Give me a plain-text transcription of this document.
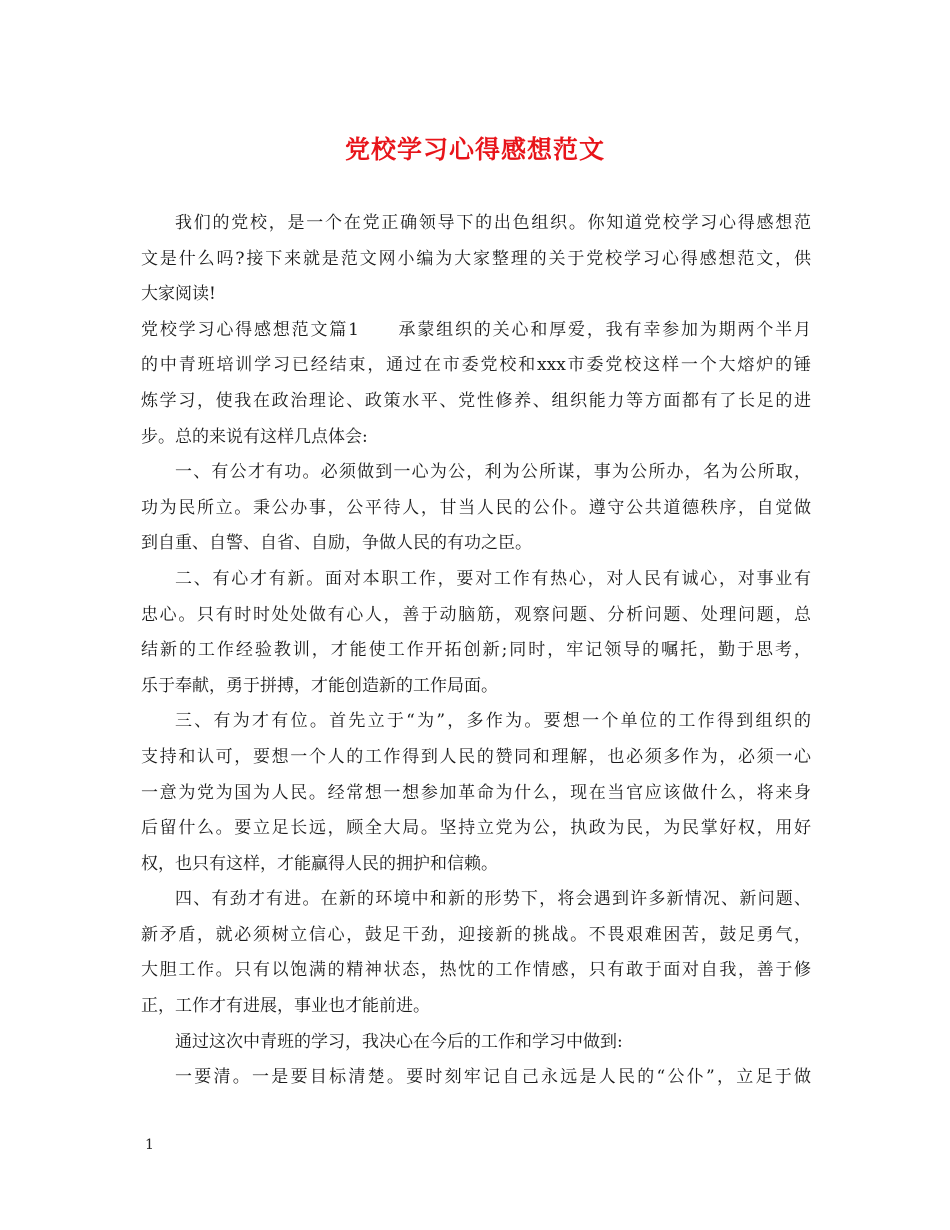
党校学习心得感想范文
我们的党校，是一个在党正确领导下的出色组织。你知道党校学习心得感想范
文是什么吗?接下来就是范文网小编为大家整理的关于党校学习心得感想范文，供
大家阅读!
党校学习心得感想范文篇1　　承蒙组织的关心和厚爱，我有幸参加为期两个半月
的中青班培训学习已经结束，通过在市委党校和xxx市委党校这样一个大熔炉的锤
炼学习，使我在政治理论、政策水平、党性修养、组织能力等方面都有了长足的进
步。总的来说有这样几点体会:
一、有公才有功。必须做到一心为公，利为公所谋，事为公所办，名为公所取，
功为民所立。秉公办事，公平待人，甘当人民的公仆。遵守公共道德秩序，自觉做
到自重、自警、自省、自励，争做人民的有功之臣。
二、有心才有新。面对本职工作，要对工作有热心，对人民有诚心，对事业有
忠心。只有时时处处做有心人，善于动脑筋，观察问题、分析问题、处理问题，总
结新的工作经验教训，才能使工作开拓创新;同时，牢记领导的嘱托，勤于思考，
乐于奉献，勇于拼搏，才能创造新的工作局面。
三、有为才有位。首先立于“为”，多作为。要想一个单位的工作得到组织的
支持和认可，要想一个人的工作得到人民的赞同和理解，也必须多作为，必须一心
一意为党为国为人民。经常想一想参加革命为什么，现在当官应该做什么，将来身
后留什么。要立足长远，顾全大局。坚持立党为公，执政为民，为民掌好权，用好
权，也只有这样，才能赢得人民的拥护和信赖。
四、有劲才有进。在新的环境中和新的形势下，将会遇到许多新情况、新问题、
新矛盾，就必须树立信心，鼓足干劲，迎接新的挑战。不畏艰难困苦，鼓足勇气，
大胆工作。只有以饱满的精神状态，热忱的工作情感，只有敢于面对自我，善于修
正，工作才有进展，事业也才能前进。
通过这次中青班的学习，我决心在今后的工作和学习中做到:
一要清。一是要目标清楚。要时刻牢记自己永远是人民的“公仆”，立足于做
1
